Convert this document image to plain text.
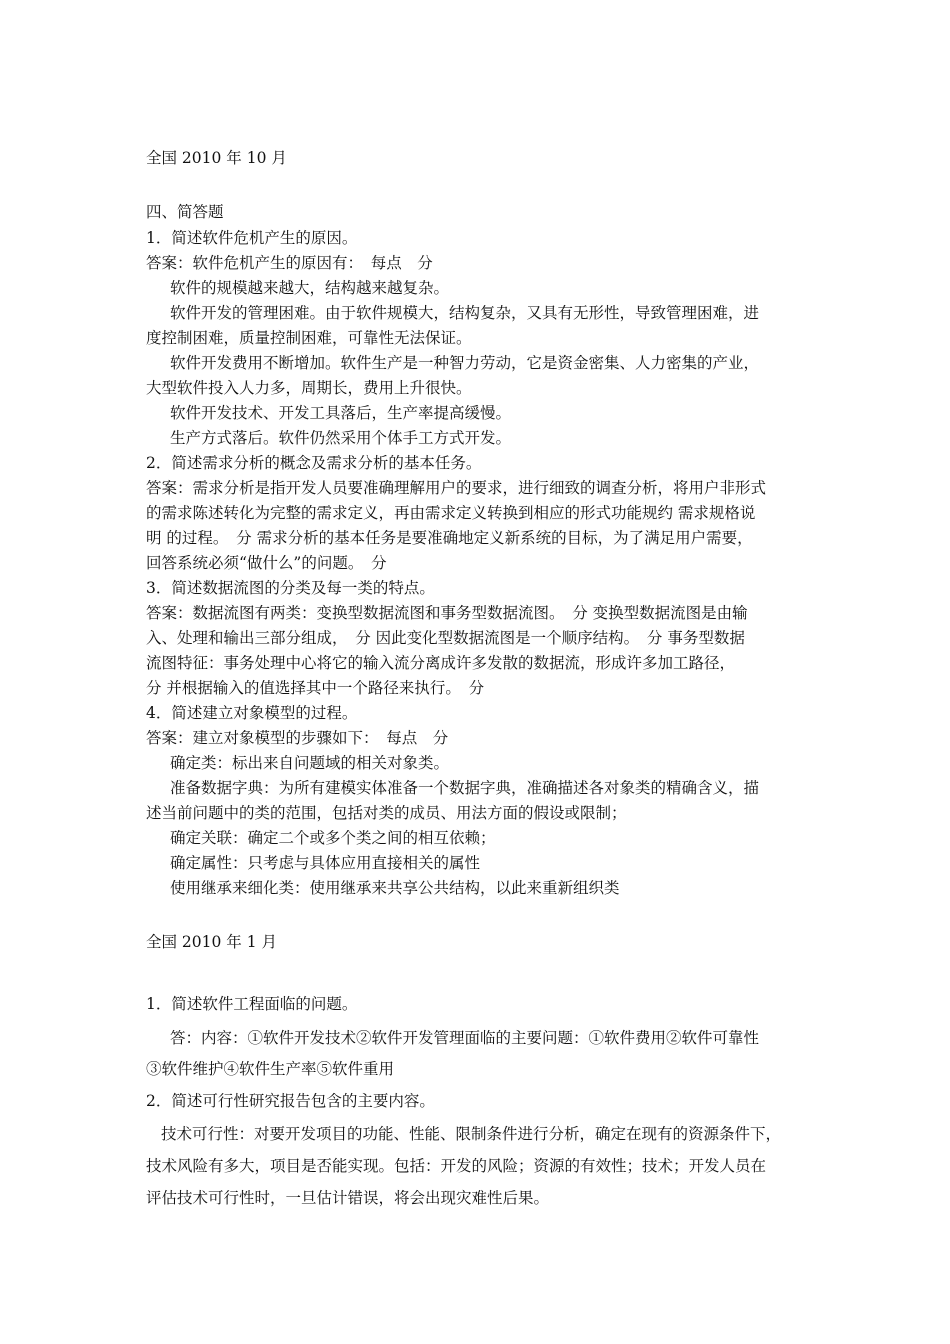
全国 2010 年 10 月
四、简答题
1．简述软件危机产生的原因。
答案：软件危机产生的原因有：　每点　分
软件的规模越来越大，结构越来越复杂。
软件开发的管理困难。由于软件规模大，结构复杂，又具有无形性，导致管理困难，进
度控制困难，质量控制困难，可靠性无法保证。
软件开发费用不断增加。软件生产是一种智力劳动，它是资金密集、人力密集的产业，
大型软件投入人力多，周期长，费用上升很快。
软件开发技术、开发工具落后，生产率提高缓慢。
生产方式落后。软件仍然采用个体手工方式开发。
2．简述需求分析的概念及需求分析的基本任务。
答案：需求分析是指开发人员要准确理解用户的要求，进行细致的调查分析，将用户非形式
的需求陈述转化为完整的需求定义，再由需求定义转换到相应的形式功能规约 需求规格说
明 的过程。　分 需求分析的基本任务是要准确地定义新系统的目标，为了满足用户需要，
回答系统必须“做什么”的问题。　分
3．简述数据流图的分类及每一类的特点。
答案：数据流图有两类：变换型数据流图和事务型数据流图。　分 变换型数据流图是由输
入、处理和输出三部分组成，　分 因此变化型数据流图是一个顺序结构。　分 事务型数据
流图特征：事务处理中心将它的输入流分离成许多发散的数据流，形成许多加工路径，
分 并根据输入的值选择其中一个路径来执行。　分
4．简述建立对象模型的过程。
答案：建立对象模型的步骤如下：　每点　分
确定类：标出来自问题域的相关对象类。
准备数据字典：为所有建模实体准备一个数据字典，准确描述各对象类的精确含义，描
述当前问题中的类的范围，包括对类的成员、用法方面的假设或限制；
确定关联：确定二个或多个类之间的相互依赖；
确定属性：只考虑与具体应用直接相关的属性
使用继承来细化类：使用继承来共享公共结构，以此来重新组织类
全国 2010 年 1 月
1．简述软件工程面临的问题。
答：内容：①软件开发技术②软件开发管理面临的主要问题：①软件费用②软件可靠性
③软件维护④软件生产率⑤软件重用
2．简述可行性研究报告包含的主要内容。
技术可行性：对要开发项目的功能、性能、限制条件进行分析，确定在现有的资源条件下，
技术风险有多大，项目是否能实现。包括：开发的风险；资源的有效性；技术；开发人员在
评估技术可行性时，一旦估计错误，将会出现灾难性后果。
